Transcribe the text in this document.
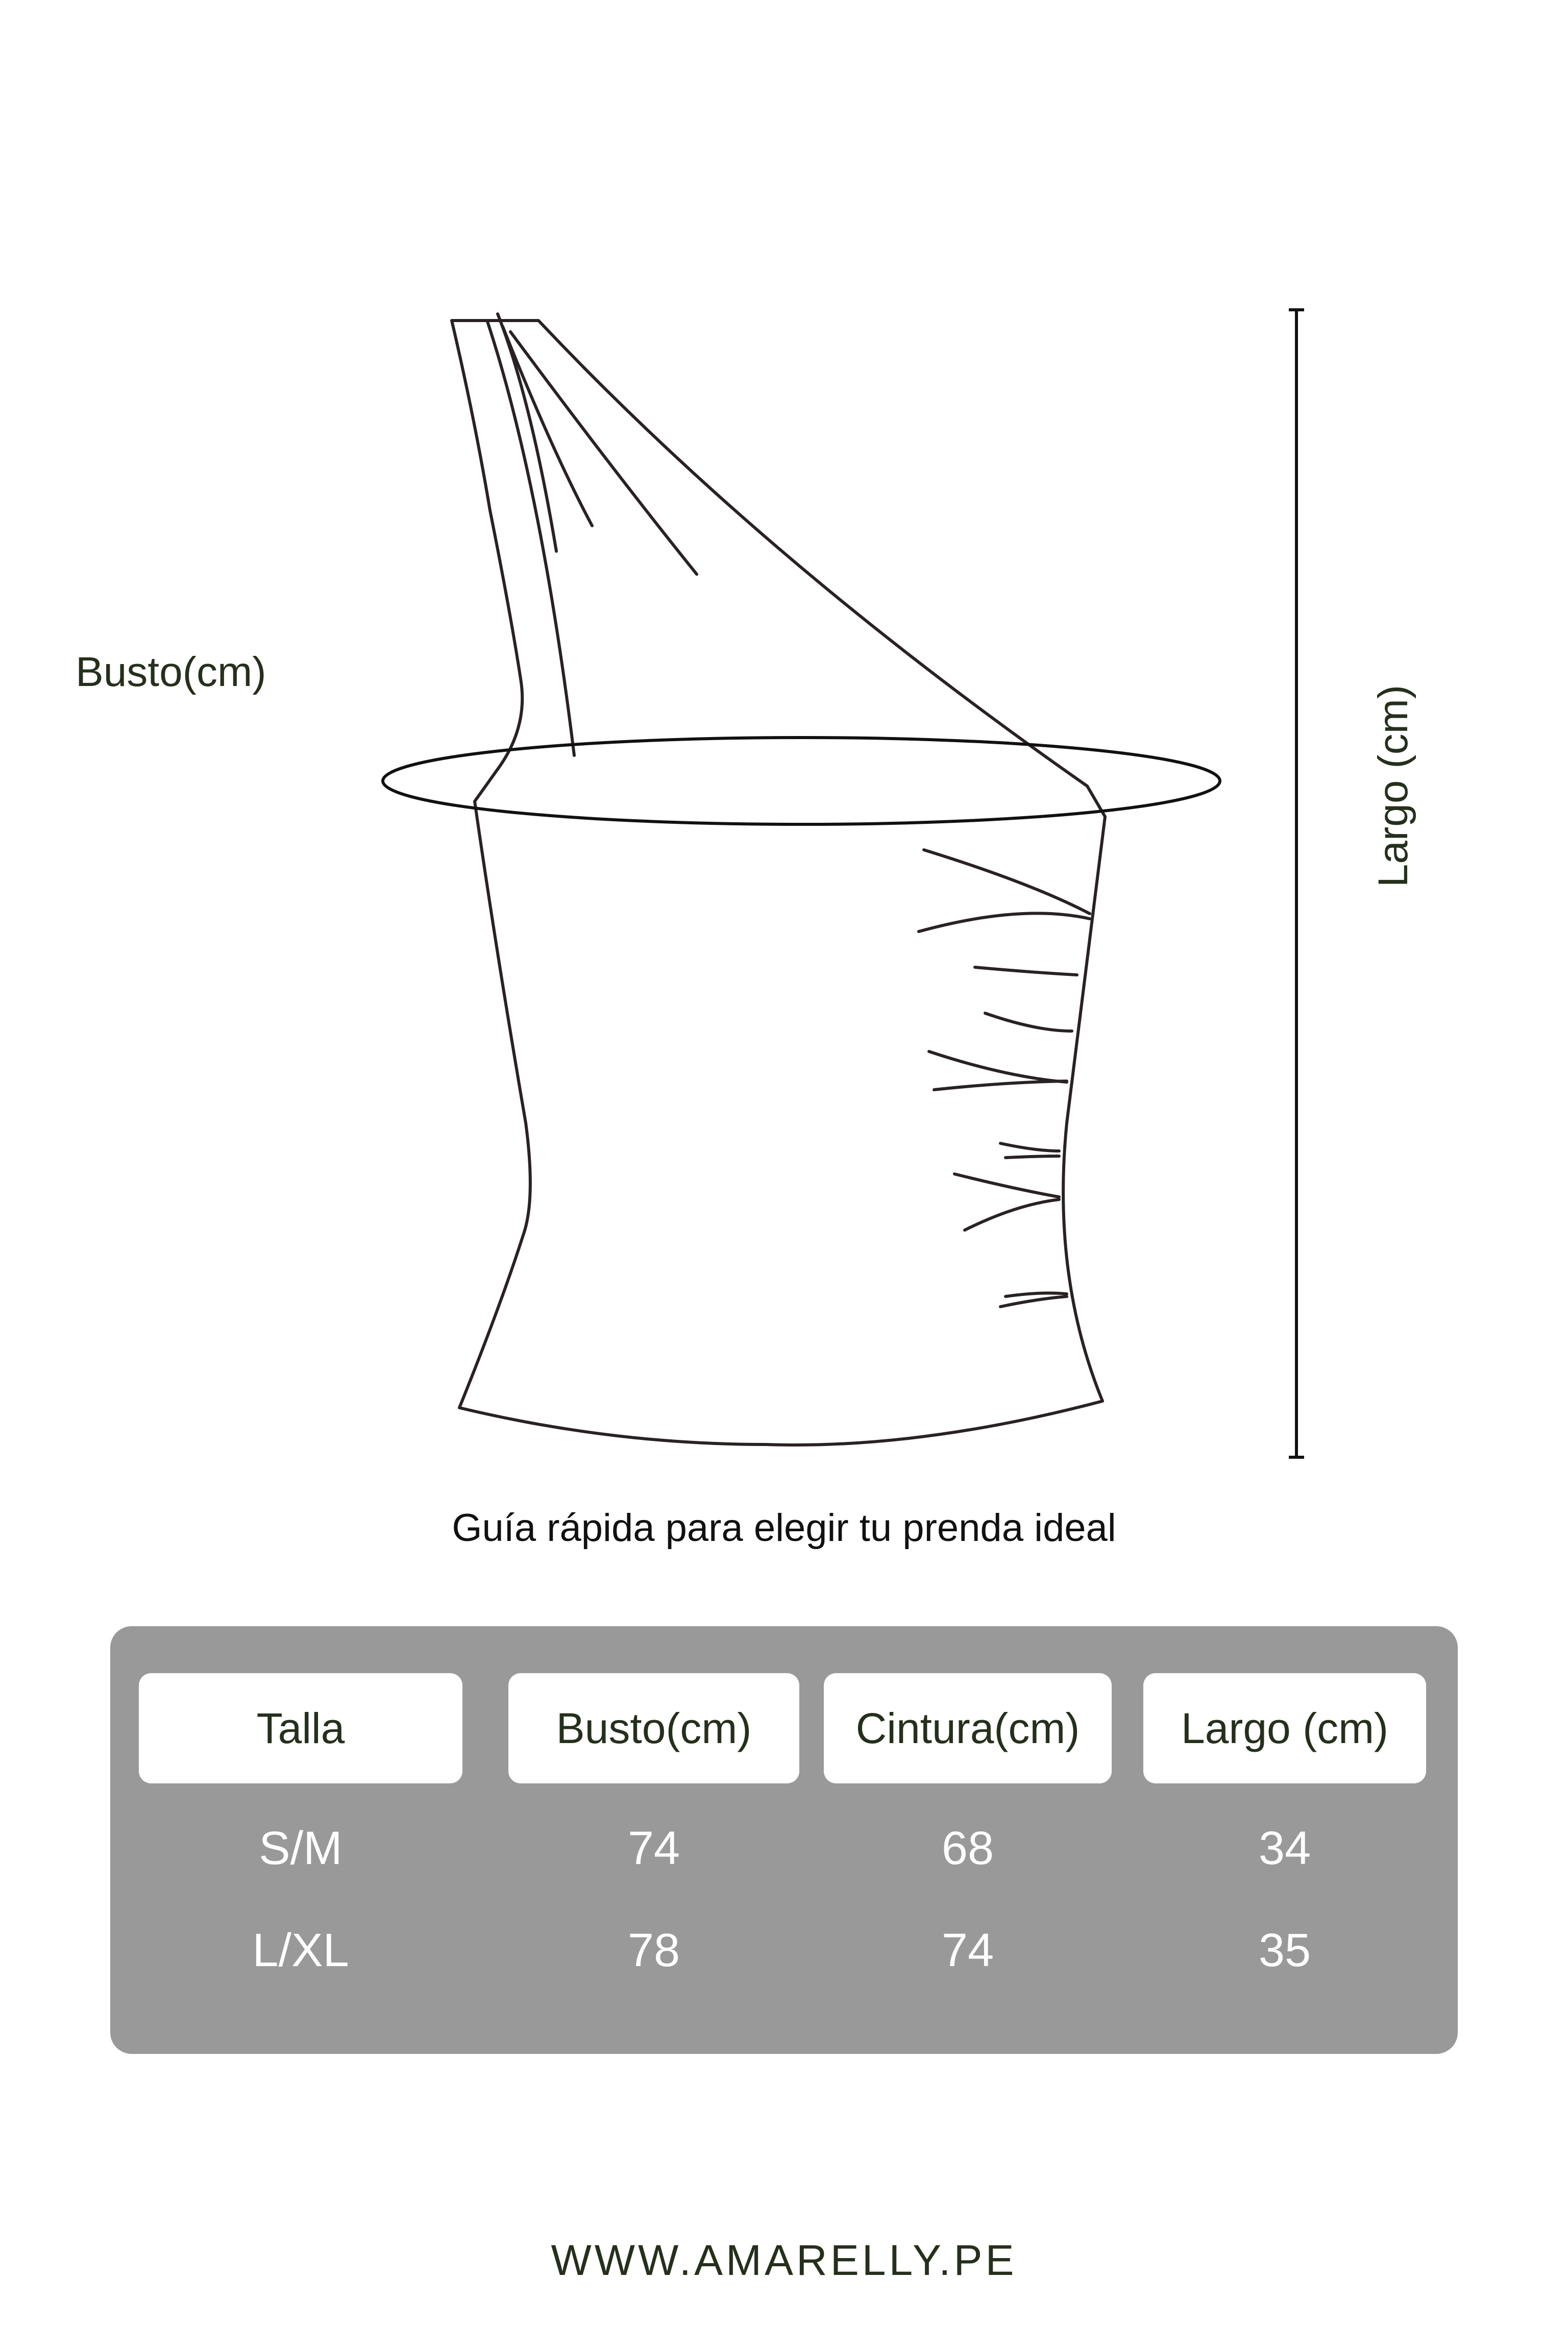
Busto(cm)
Largo (cm)
Guía rápida para elegir tu prenda ideal
Talla	Busto(cm)	Cintura(cm)	Largo (cm)
S/M	74	68	34
L/XL	78	74	35
WWW.AMARELLY.PE
